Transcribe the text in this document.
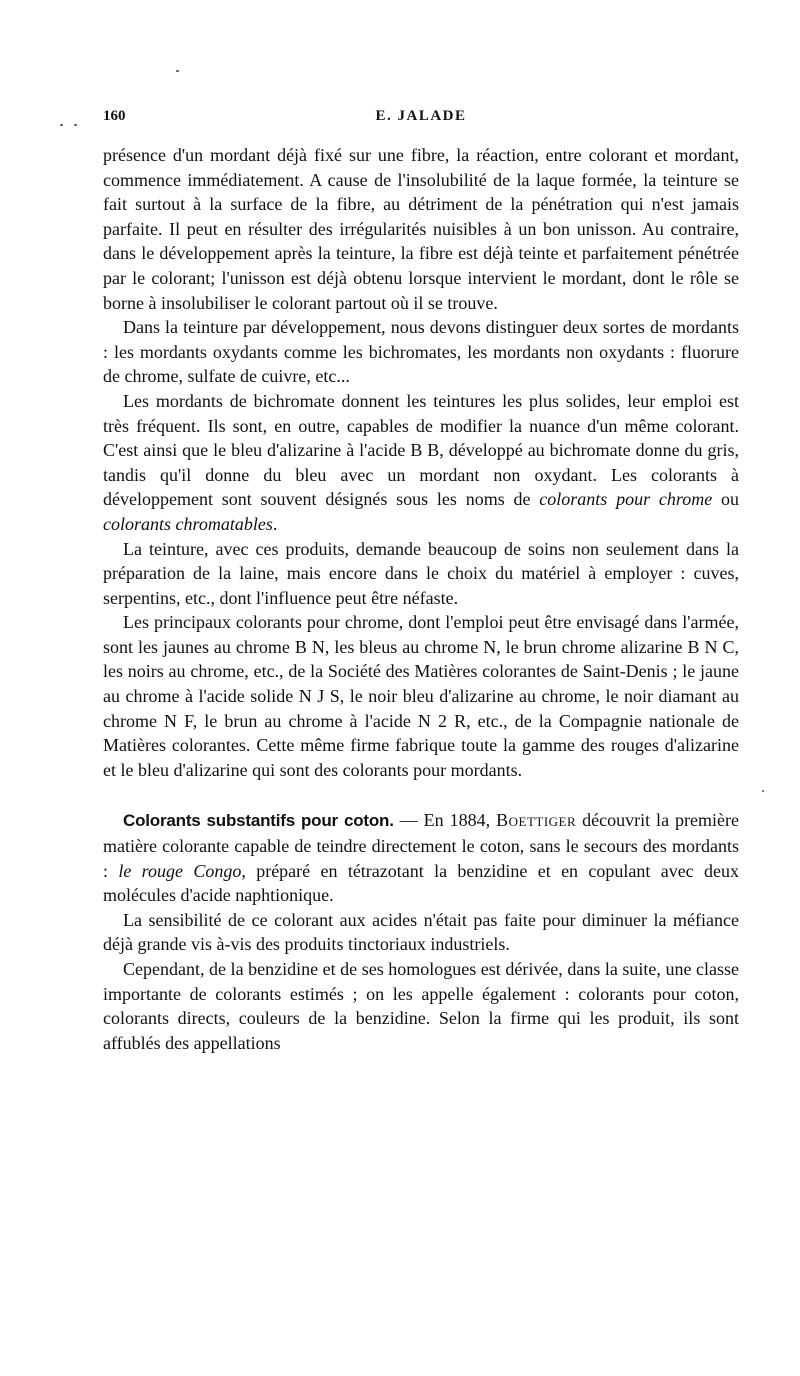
160	E. JALADE

présence d'un mordant déjà fixé sur une fibre, la réaction, entre colorant et mordant, commence immédiatement. A cause de l'insolubilité de la laque formée, la teinture se fait surtout à la surface de la fibre, au détriment de la pénétration qui n'est jamais parfaite. Il peut en résulter des irrégularités nuisibles à un bon unisson. Au contraire, dans le développement après la teinture, la fibre est déjà teinte et parfaitement pénétrée par le colorant; l'unisson est déjà obtenu lorsque intervient le mordant, dont le rôle se borne à insolubiliser le colorant partout où il se trouve.

Dans la teinture par développement, nous devons distinguer deux sortes de mordants : les mordants oxydants comme les bichromates, les mordants non oxydants : fluorure de chrome, sulfate de cuivre, etc...

Les mordants de bichromate donnent les teintures les plus solides, leur emploi est très fréquent. Ils sont, en outre, capables de modifier la nuance d'un même colorant. C'est ainsi que le bleu d'alizarine à l'acide B B, développé au bichromate donne du gris, tandis qu'il donne du bleu avec un mordant non oxydant. Les colorants à développement sont souvent désignés sous les noms de colorants pour chrome ou colorants chromatables.

La teinture, avec ces produits, demande beaucoup de soins non seulement dans la préparation de la laine, mais encore dans le choix du matériel à employer : cuves, serpentins, etc., dont l'influence peut être néfaste.

Les principaux colorants pour chrome, dont l'emploi peut être envisagé dans l'armée, sont les jaunes au chrome B N, les bleus au chrome N, le brun chrome alizarine B N C, les noirs au chrome, etc., de la Société des Matières colorantes de Saint-Denis ; le jaune au chrome à l'acide solide N J S, le noir bleu d'alizarine au chrome, le noir diamant au chrome N F, le brun au chrome à l'acide N 2 R, etc., de la Compagnie nationale de Matières colorantes. Cette même firme fabrique toute la gamme des rouges d'alizarine et le bleu d'alizarine qui sont des colorants pour mordants.

Colorants substantifs pour coton. — En 1884, Boettiger découvrit la première matière colorante capable de teindre directement le coton, sans le secours des mordants : le rouge Congo, préparé en tétrazotant la benzidine et en copulant avec deux molécules d'acide naphtionique.

La sensibilité de ce colorant aux acides n'était pas faite pour diminuer la méfiance déjà grande vis à-vis des produits tinctoriaux industriels.

Cependant, de la benzidine et de ses homologues est dérivée, dans la suite, une classe importante de colorants estimés ; on les appelle également : colorants pour coton, colorants directs, couleurs de la benzidine. Selon la firme qui les produit, ils sont affublés des appellations
